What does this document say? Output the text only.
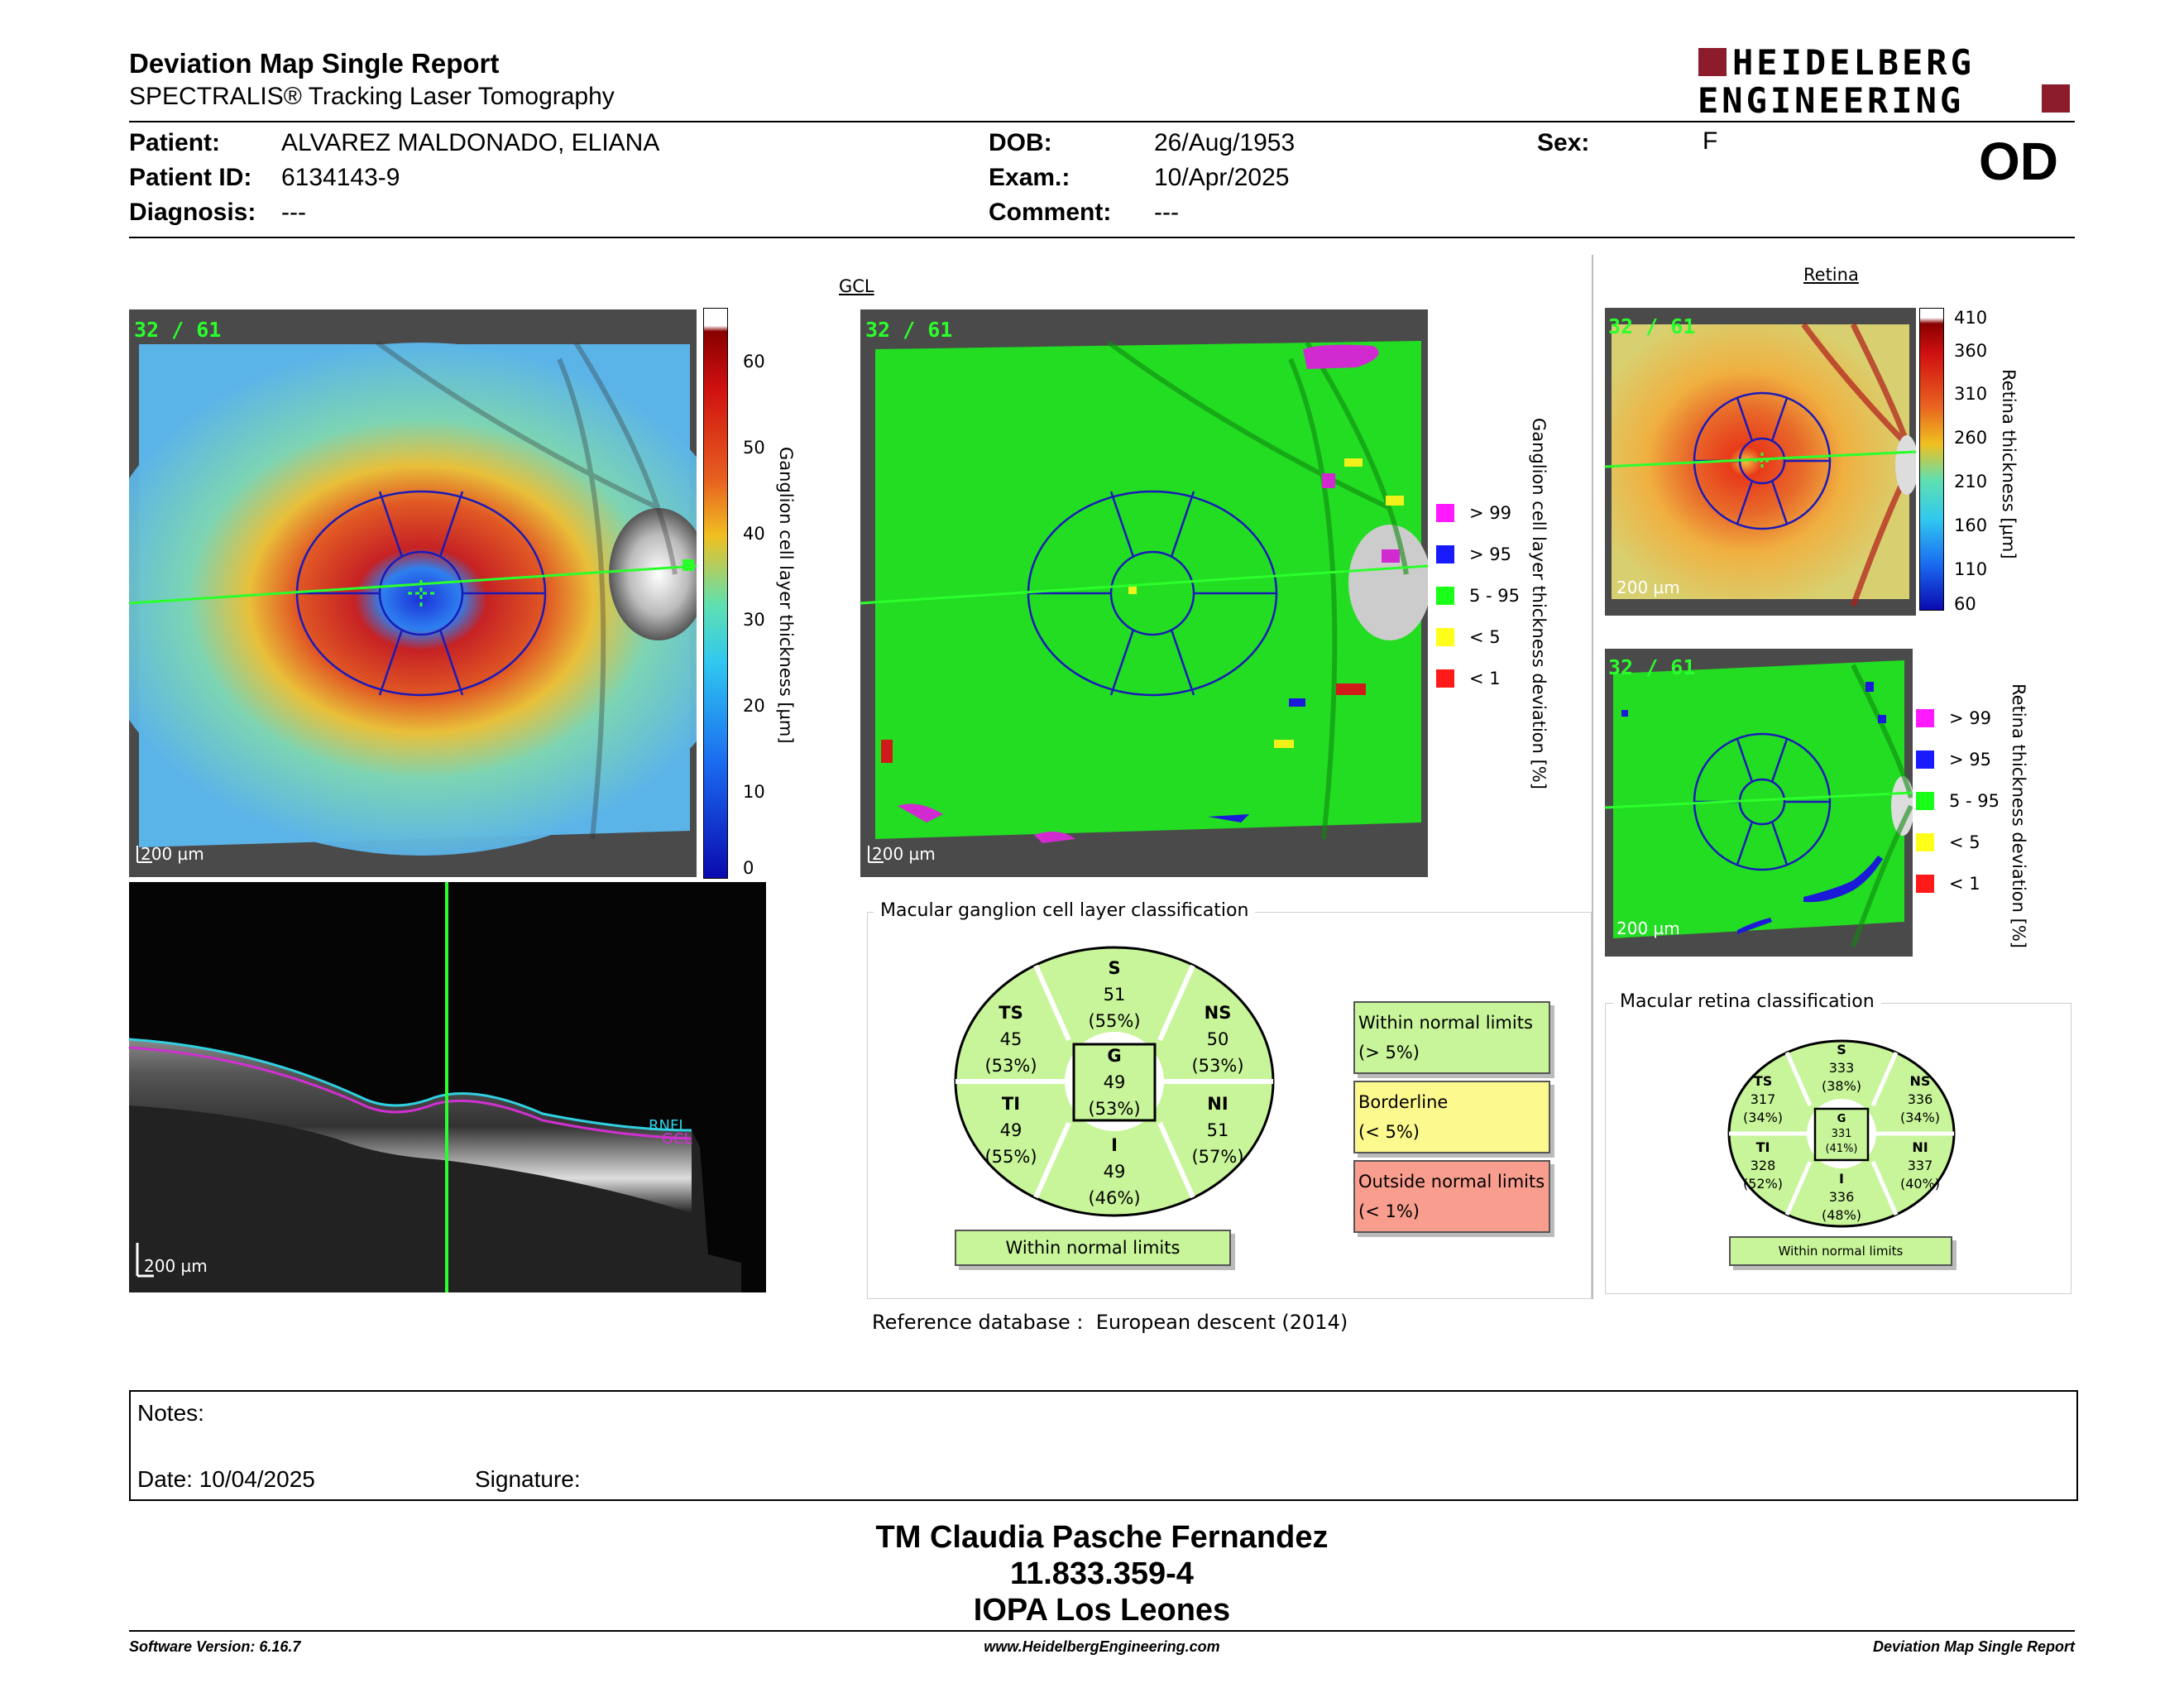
Deviation Map Single Report
SPECTRALIS® Tracking Laser Tomography
HEIDELBERG
ENGINEERING
Patient: ALVAREZ MALDONADO, ELIANA
Patient ID: 6134143-9
Diagnosis: ---
DOB:	26/Aug/1953
Exam.:	10/Apr/2025
Comment: ---
Sex:	F	OD
GCL
Retina
32 / 61
200 µm
60
50
40
30
20
10
0
Ganglion cell layer thickness [µm]
32 / 61
200 µm
> 99
> 95
5 - 95
< 5
< 1 Ganglion cell layer thickness deviation [%]
RNFL
GCL
200 µm
Macular ganglion cell layer classification
S
51
(55%)
TS
45
(53%)
NS
50
(53%)
G
49
(53%)
TI
49
(55%)
NI
51
(57%)
I
49
(46%)
Within normal limits
Within normal limits
(> 5%)
Borderline
(< 5%)
Outside normal limits
(< 1%)
Reference database : European descent (2014)
32 / 61
200 µm
410
360
310
260
210
160
110
60
Retina thickness [µm]
32 / 61
200 µm
> 99
> 95
5 - 95
< 5
< 1 Retina thickness deviation [%]
Macular retina classification
S
333
(38%)
TS
317
(34%)
NS
336
(34%)
G
331
(41%)
TI
328
(52%)
NI
337
(40%)
I
336
(48%)
Within normal limits
Notes:
Date: 10/04/2025	Signature:
TM Claudia Pasche Fernandez
11.833.359-4
IOPA Los Leones
Software Version: 6.16.7	www.HeidelbergEngineering.com	Deviation Map Single Report
